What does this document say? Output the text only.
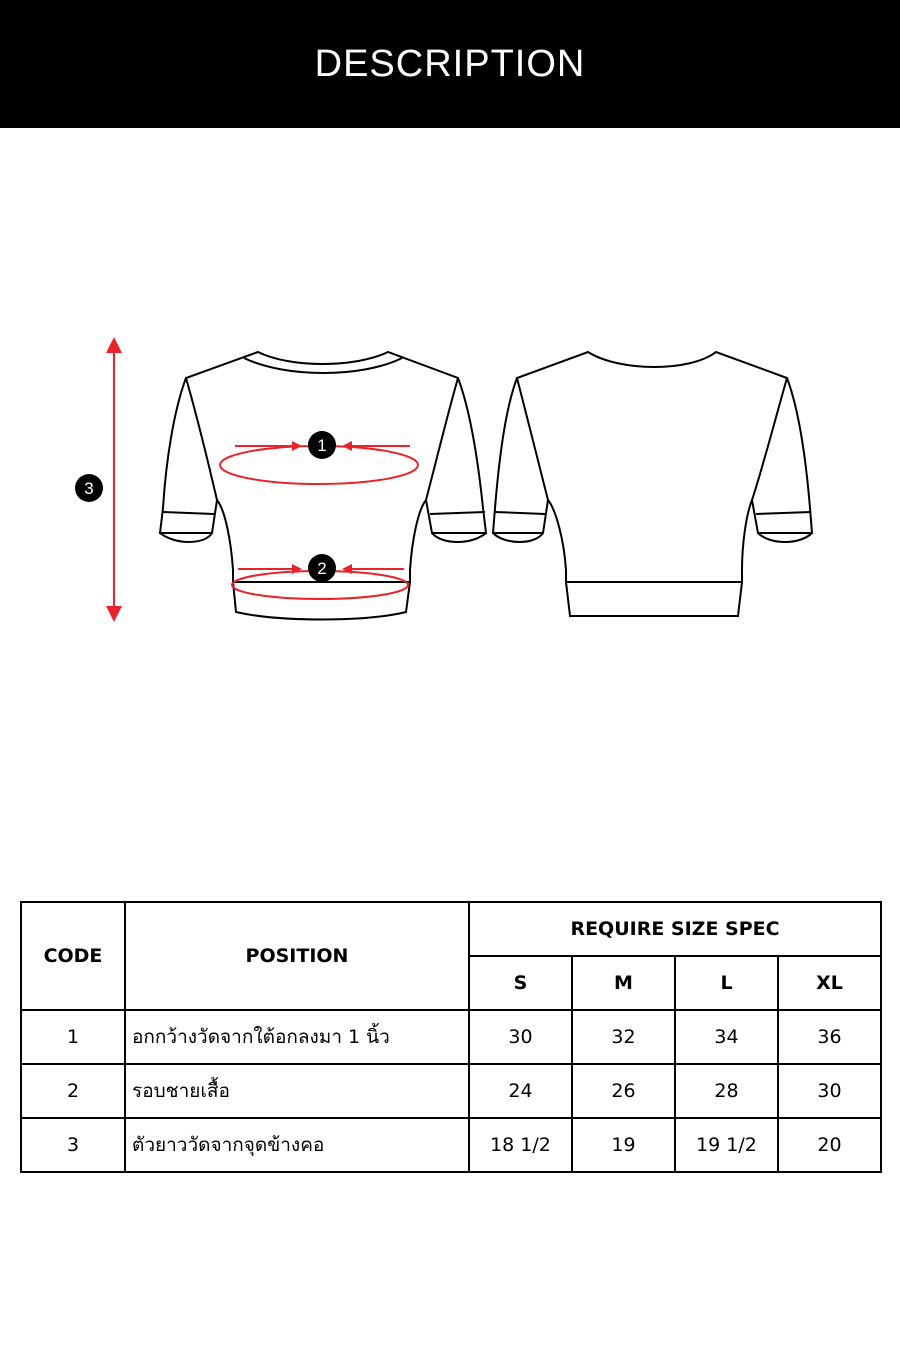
DESCRIPTION
1
2
3
CODE	POSITION	REQUIRE SIZE SPEC			
		S	M	L	XL
1	อกกว้างวัดจากใต้อกลงมา 1 นิ้ว	30	32	34	36
2	รอบชายเสื้อ	24	26	28	30
3	ตัวยาววัดจากจุดข้างคอ	18 1/2	19	19 1/2	20
